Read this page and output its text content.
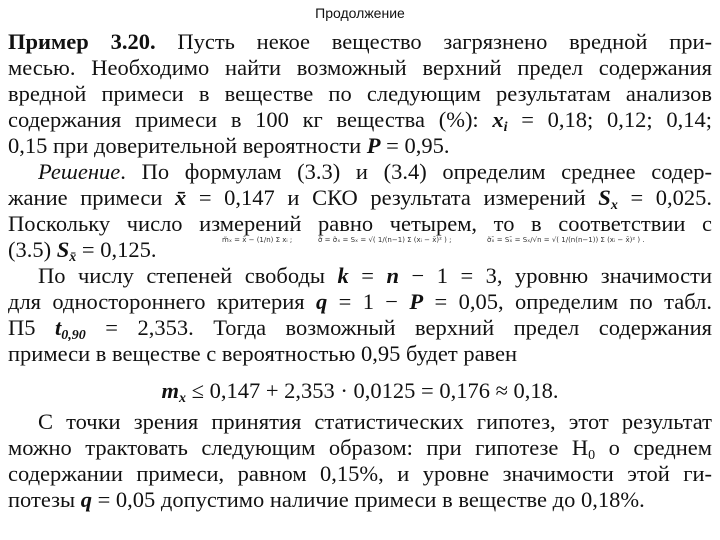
Продолжение
Пример 3.20. Пусть некое вещество загрязнено вредной при-
месью. Необходимо найти возможный верхний предел содержания
вредной примеси в веществе по следующим результатам анализов
содержания примеси в 100 кг вещества (%): $x_i = 0,18$; 0,12; 0,14;
0,15 при доверительной вероятности P = 0,95.
Решение. По формулам (3.3) и (3.4) определим среднее содер-
жание примеси x̄ = 0,147 и СКО результата измерений $S_x = 0,025$.
Поскольку число измерений равно четырем, то в соответствии с
(3.5) $S_{x̄} = 0,125$.	m̃ₓ = x̄ − (1/n) Σ xᵢ ;	σ̃ = σ̃ₓ = Sₓ = √( 1/(n−1) Σ (xᵢ − x̄)² ) ;	σ̃ₓ̄ = Sₓ̄ = Sₓ/√n = √( 1/(n(n−1)) Σ (xᵢ − x̄)² ) .
По числу степеней свободы k = n − 1 = 3, уровню значимости
для одностороннего критерия q = 1 − P = 0,05, определим по табл.
П5 $t_{0,90} = 2,353$. Тогда возможный верхний предел содержания
примеси в веществе с вероятностью 0,95 будет равен
$m_x \le 0,147 + 2,353 \cdot 0,0125 = 0,176 \approx 0,18$.
С точки зрения принятия статистических гипотез, этот результат
можно трактовать следующим образом: при гипотезе $H_0$ о среднем
содержании примеси, равном 0,15%, и уровне значимости этой ги-
потезы q = 0,05 допустимо наличие примеси в веществе до 0,18%.
